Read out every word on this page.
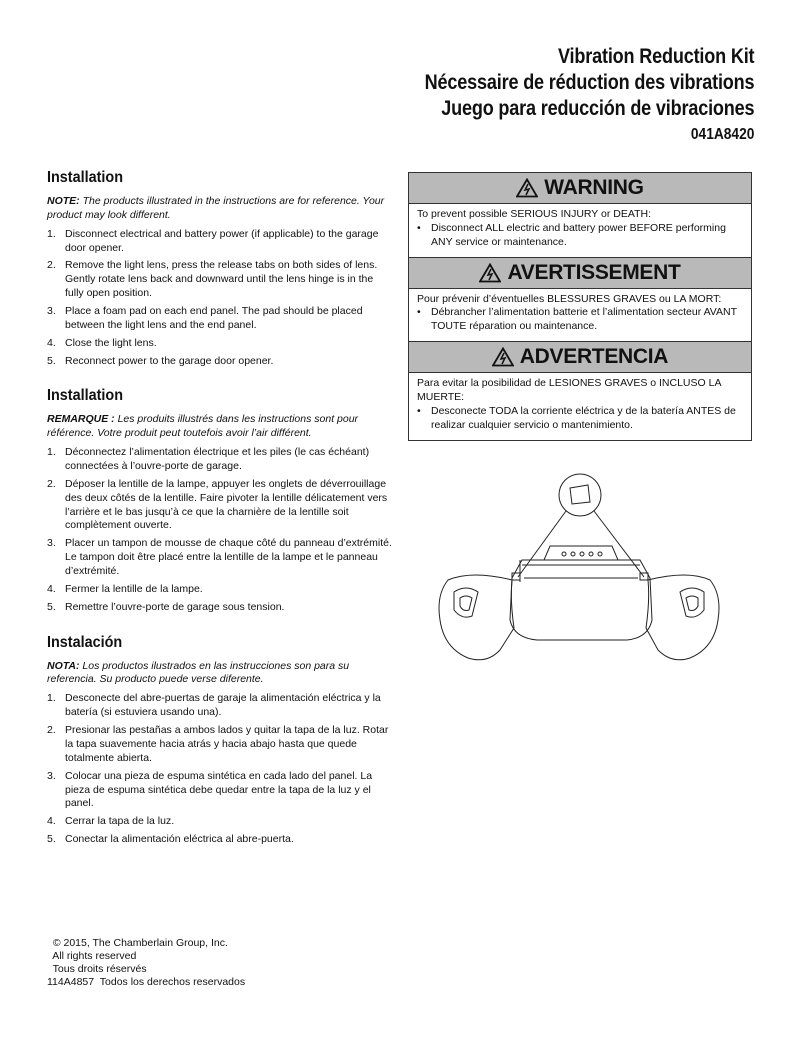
Vibration Reduction Kit
Nécessaire de réduction des vibrations
Juego para reducción de vibraciones
041A8420
Installation
NOTE: The products illustrated in the instructions are for reference. Your product may look different.
1. Disconnect electrical and battery power (if applicable) to the garage door opener.
2. Remove the light lens, press the release tabs on both sides of lens. Gently rotate lens back and downward until the lens hinge is in the fully open position.
3. Place a foam pad on each end panel. The pad should be placed between the light lens and the end panel.
4. Close the light lens.
5. Reconnect power to the garage door opener.
Installation
REMARQUE : Les produits illustrés dans les instructions sont pour référence. Votre produit peut toutefois avoir l’air différent.
1. Déconnectez l’alimentation électrique et les piles (le cas échéant) connectées à l’ouvre-porte de garage.
2. Déposer la lentille de la lampe, appuyer les onglets de déverrouillage des deux côtés de la lentille. Faire pivoter la lentille délicatement vers l’arrière et le bas jusqu’à ce que la charnière de la lentille soit complètement ouverte.
3. Placer un tampon de mousse de chaque côté du panneau d’extrémité. Le tampon doit être placé entre la lentille de la lampe et le panneau d’extrémité.
4. Fermer la lentille de la lampe.
5. Remettre l’ouvre-porte de garage sous tension.
Instalación
NOTA: Los productos ilustrados en las instrucciones son para su referencia. Su producto puede verse diferente.
1. Desconecte del abre-puertas de garaje la alimentación eléctrica y la batería (si estuviera usando una).
2. Presionar las pestañas a ambos lados y quitar la tapa de la luz. Rotar la tapa suavemente hacia atrás y hacia abajo hasta que quede totalmente abierta.
3. Colocar una pieza de espuma sintética en cada lado del panel. La pieza de espuma sintética debe quedar entre la tapa de la luz y el panel.
4. Cerrar la tapa de la luz.
5. Conectar la alimentación eléctrica al abre-puerta.
WARNING
To prevent possible SERIOUS INJURY or DEATH:
• Disconnect ALL electric and battery power BEFORE performing ANY service or maintenance.
AVERTISSEMENT
Pour prévenir d’éventuelles BLESSURES GRAVES ou LA MORT:
• Débrancher l’alimentation batterie et l’alimentation secteur AVANT TOUTE réparation ou maintenance.
ADVERTENCIA
Para evitar la posibilidad de LESIONES GRAVES o INCLUSO LA MUERTE:
• Desconecte TODA la corriente eléctrica y de la batería ANTES de realizar cualquier servicio o mantenimiento.
© 2015, The Chamberlain Group, Inc.
All rights reserved
Tous droits réservés
114A4857 Todos los derechos reservados
